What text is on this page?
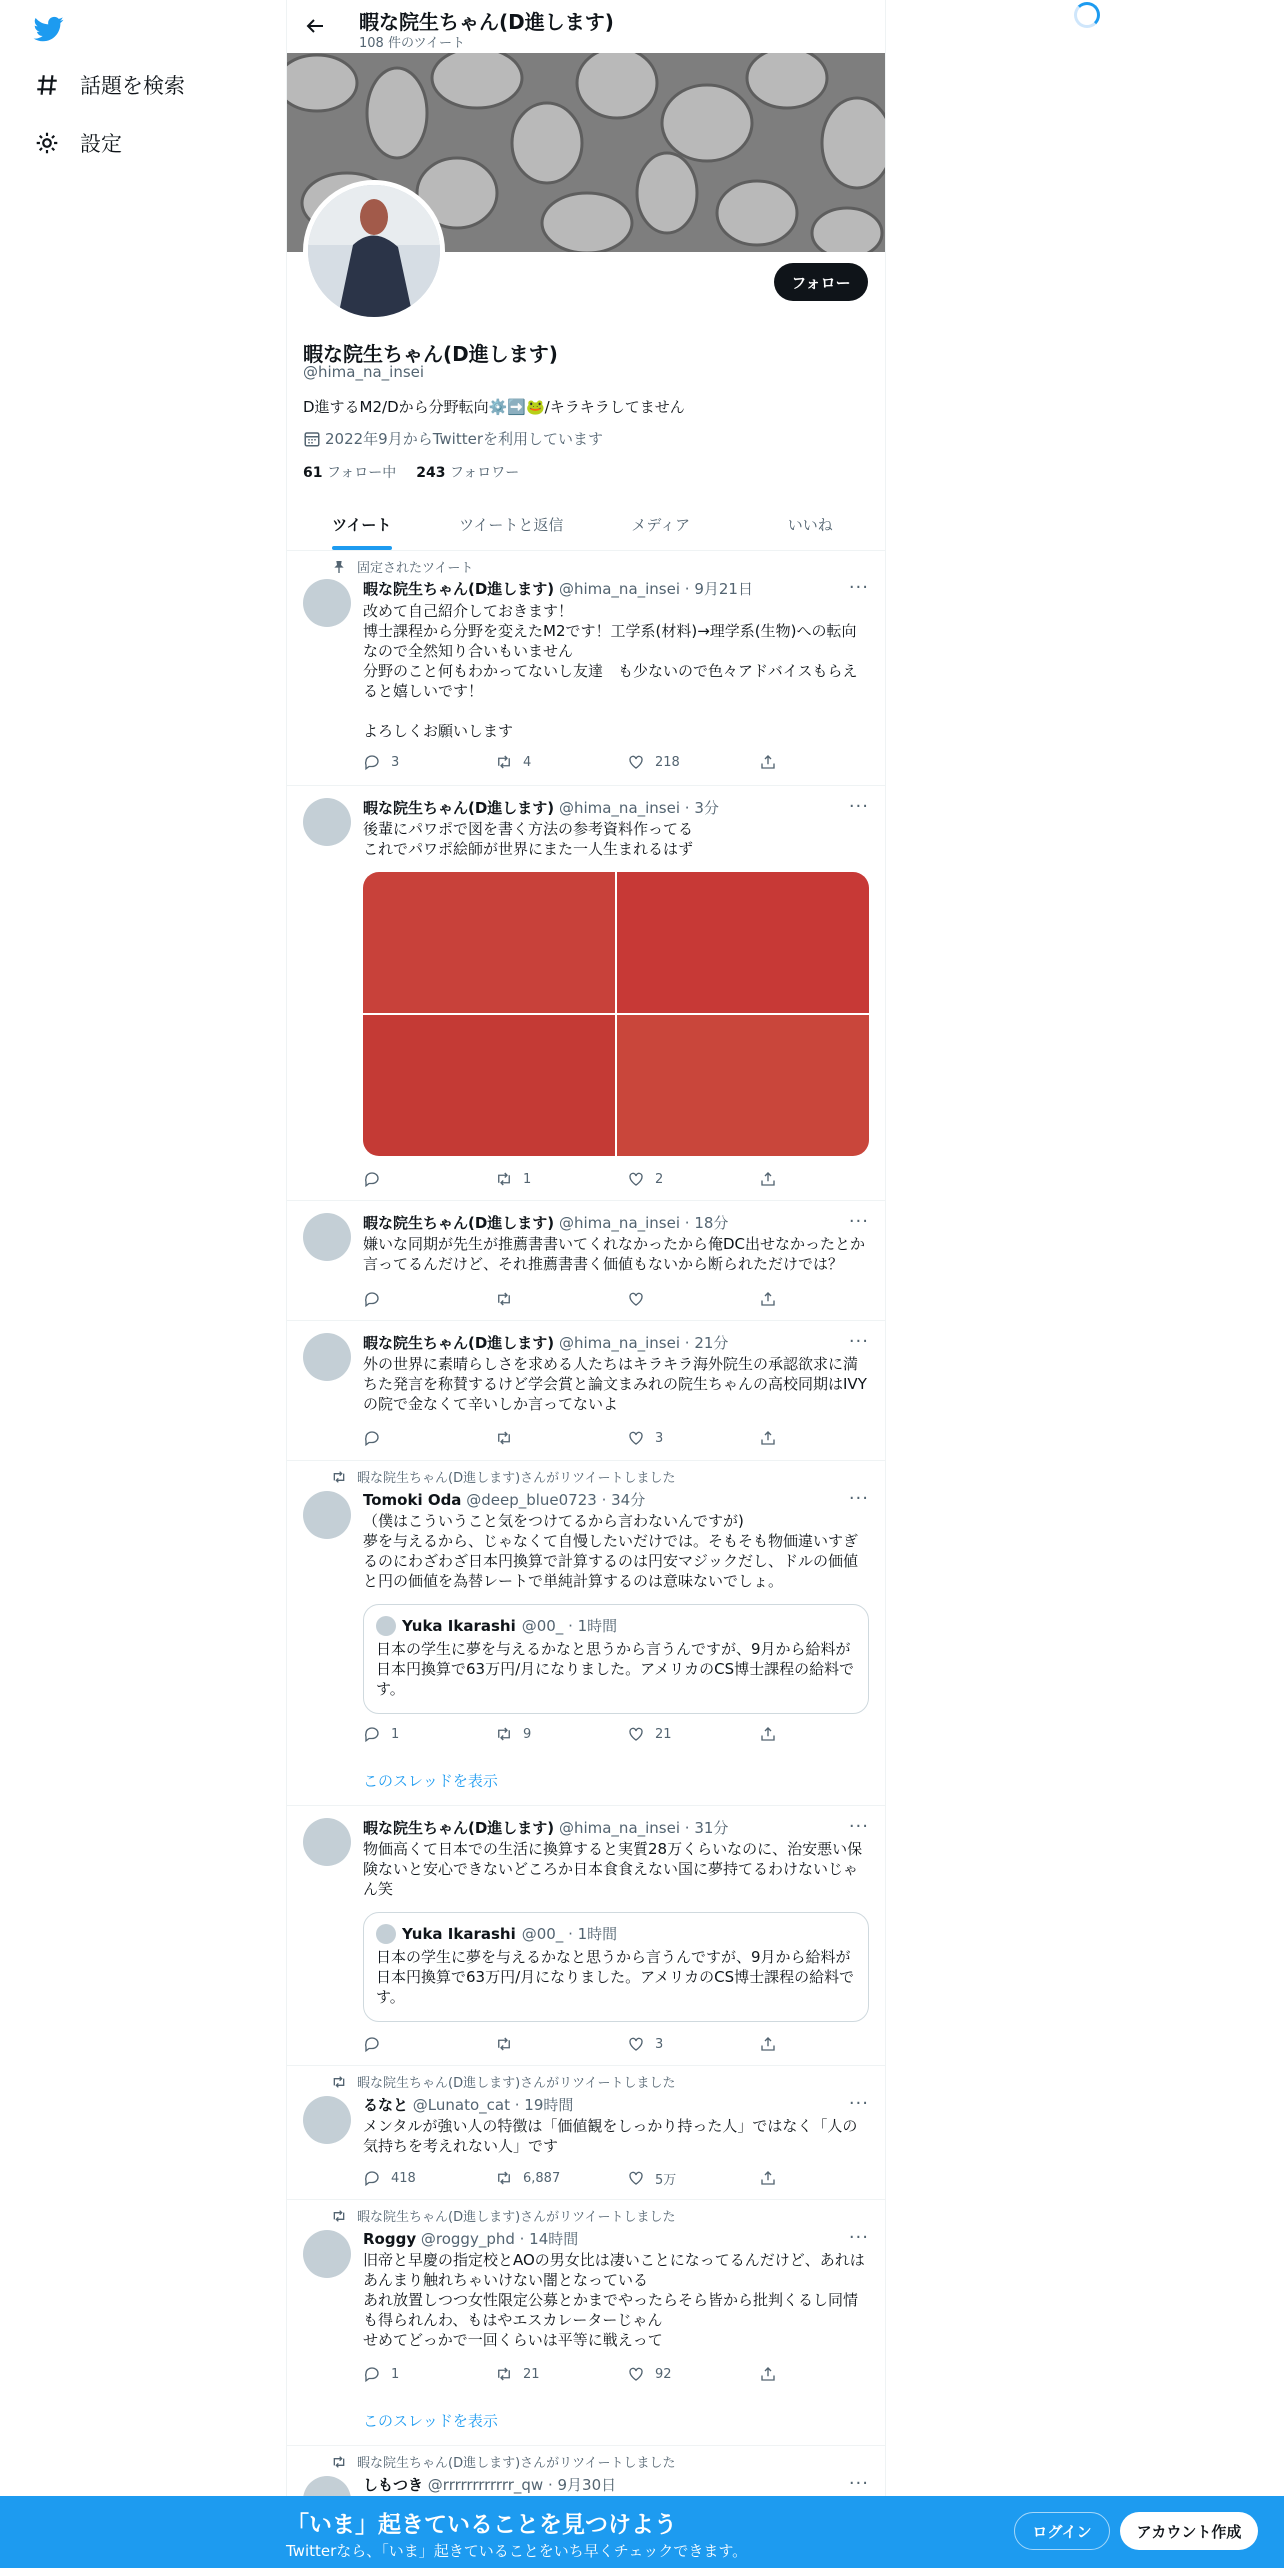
話題を検索
設定
暇な院生ちゃん(D進します)
108 件のツイート
フォロー
暇な院生ちゃん(D進します)
@hima_na_insei
D進するM2/Dから分野転向⚙️➡️🐸/キラキラしてません
2022年9月からTwitterを利用しています
61 フォロー中 243 フォロワー
ツイート	ツイートと返信	メディア	いいね
固定されたツイート
暇な院生ちゃん(D進します) @hima_na_insei · 9月21日	···
改めて自己紹介しておきます！
博士課程から分野を変えたM2です！工学系(材料)→理学系(生物)への転向なので全然知り合いもいません
分野のこと何もわかってないし友達　も少ないので色々アドバイスもらえると嬉しいです！

よろしくお願いします
3	4	218
暇な院生ちゃん(D進します) @hima_na_insei · 3分	···
後輩にパワポで図を書く方法の参考資料作ってる
これでパワポ絵師が世界にまた一人生まれるはず
1	2
暇な院生ちゃん(D進します) @hima_na_insei · 18分	···
嫌いな同期が先生が推薦書書いてくれなかったから俺DC出せなかったとか言ってるんだけど、それ推薦書書く価値もないから断られただけでは？
暇な院生ちゃん(D進します) @hima_na_insei · 21分	···
外の世界に素晴らしさを求める人たちはキラキラ海外院生の承認欲求に満ちた発言を称賛するけど学会賞と論文まみれの院生ちゃんの高校同期はIVYの院で金なくて辛いしか言ってないよ
3
暇な院生ちゃん(D進します)さんがリツイートしました
Tomoki Oda @deep_blue0723 · 34分	···
（僕はこういうこと気をつけてるから言わないんですが)
夢を与えるから、じゃなくて自慢したいだけでは。そもそも物価違いすぎるのにわざわざ日本円換算で計算するのは円安マジックだし、ドルの価値と円の価値を為替レートで単純計算するのは意味ないでしょ。
Yuka Ikarashi @00_ · 1時間
日本の学生に夢を与えるかなと思うから言うんですが、9月から給料が日本円換算で63万円/月になりました。アメリカのCS博士課程の給料です。
1	9	21
このスレッドを表示
暇な院生ちゃん(D進します) @hima_na_insei · 31分	···
物価高くて日本での生活に換算すると実質28万くらいなのに、治安悪い保険ないと安心できないどころか日本食食えない国に夢持てるわけないじゃん笑
Yuka Ikarashi @00_ · 1時間
日本の学生に夢を与えるかなと思うから言うんですが、9月から給料が日本円換算で63万円/月になりました。アメリカのCS博士課程の給料です。
3
暇な院生ちゃん(D進します)さんがリツイートしました
るなと @Lunato_cat · 19時間	···
メンタルが強い人の特徴は「価値観をしっかり持った人」ではなく「人の気持ちを考えれない人」です
418	6,887	5万
暇な院生ちゃん(D進します)さんがリツイートしました
Roggy @roggy_phd · 14時間	···
旧帝と早慶の指定校とAOの男女比は凄いことになってるんだけど、あれはあんまり触れちゃいけない闇となっている
あれ放置しつつ女性限定公募とかまでやったらそら皆から批判くるし同情も得られんわ、もはやエスカレーターじゃん
せめてどっかで一回くらいは平等に戦えって
1	21	92
このスレッドを表示
暇な院生ちゃん(D進します)さんがリツイートしました
しもつき @rrrrrrrrrrrr_qw · 9月30日	···
「いま」起きていることを見つけよう
Twitterなら、「いま」起きていることをいち早くチェックできます。
ログイン	アカウント作成
